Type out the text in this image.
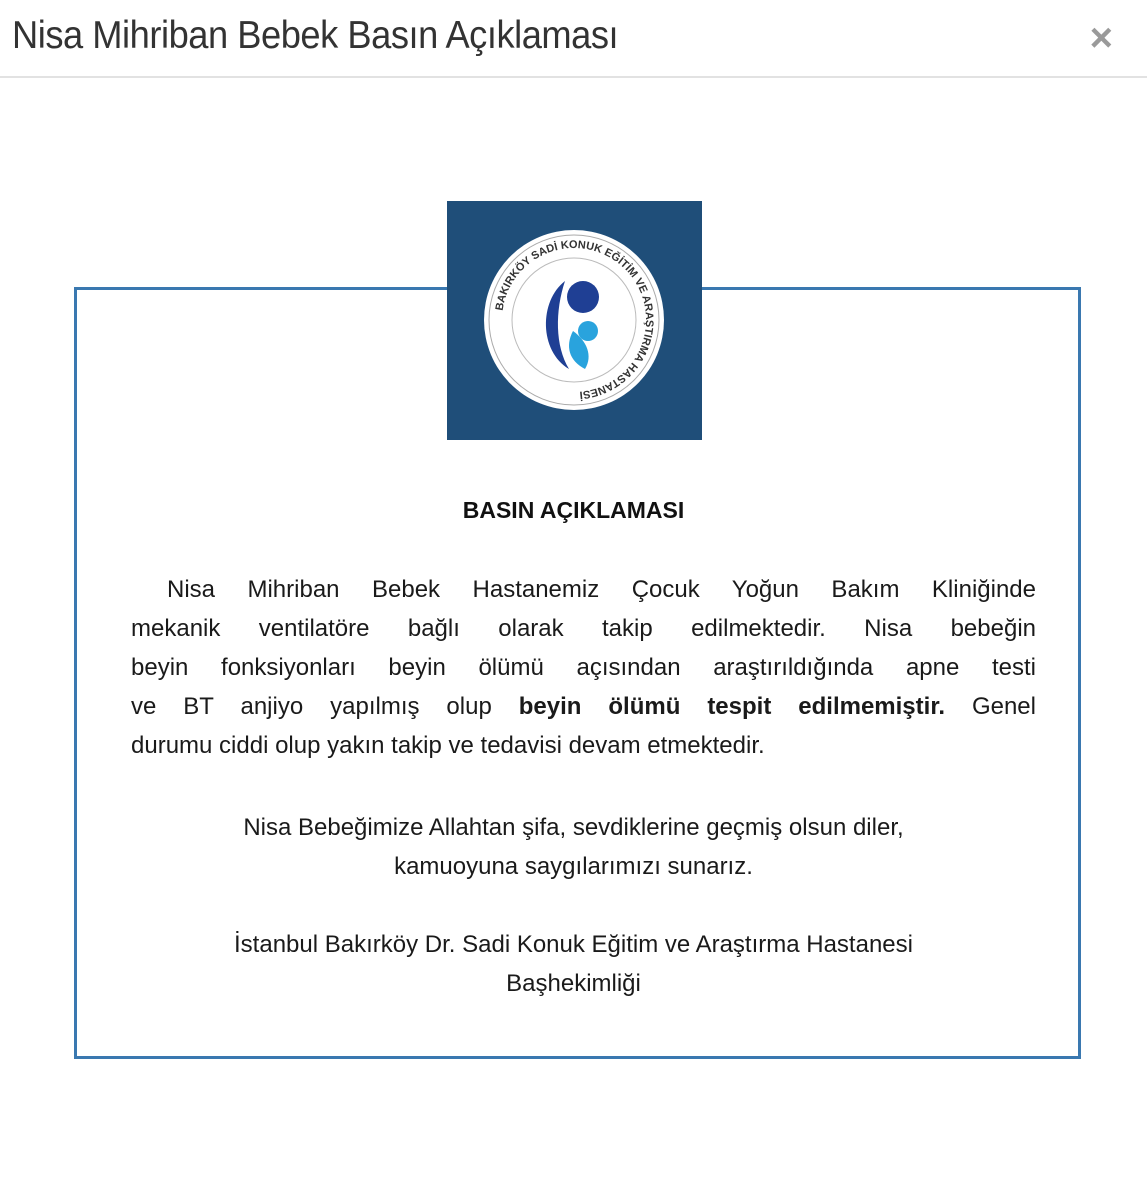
Nisa Mihriban Bebek Basın Açıklaması	×
BAKIRKÖY SADİ KONUK EĞİTİM VE ARAŞTIRMA HASTANESİ
BASIN AÇIKLAMASI
Nisa Mihriban Bebek Hastanemiz Çocuk Yoğun Bakım Kliniğinde
mekanik ventilatöre bağlı olarak takip edilmektedir. Nisa bebeğin
beyin fonksiyonları beyin ölümü açısından araştırıldığında apne testi
ve BT anjiyo yapılmış olup beyin ölümü tespit edilmemiştir. Genel
durumu ciddi olup yakın takip ve tedavisi devam etmektedir.
Nisa Bebeğimize Allahtan şifa, sevdiklerine geçmiş olsun diler,
kamuoyuna saygılarımızı sunarız.
İstanbul Bakırköy Dr. Sadi Konuk Eğitim ve Araştırma Hastanesi
Başhekimliği
